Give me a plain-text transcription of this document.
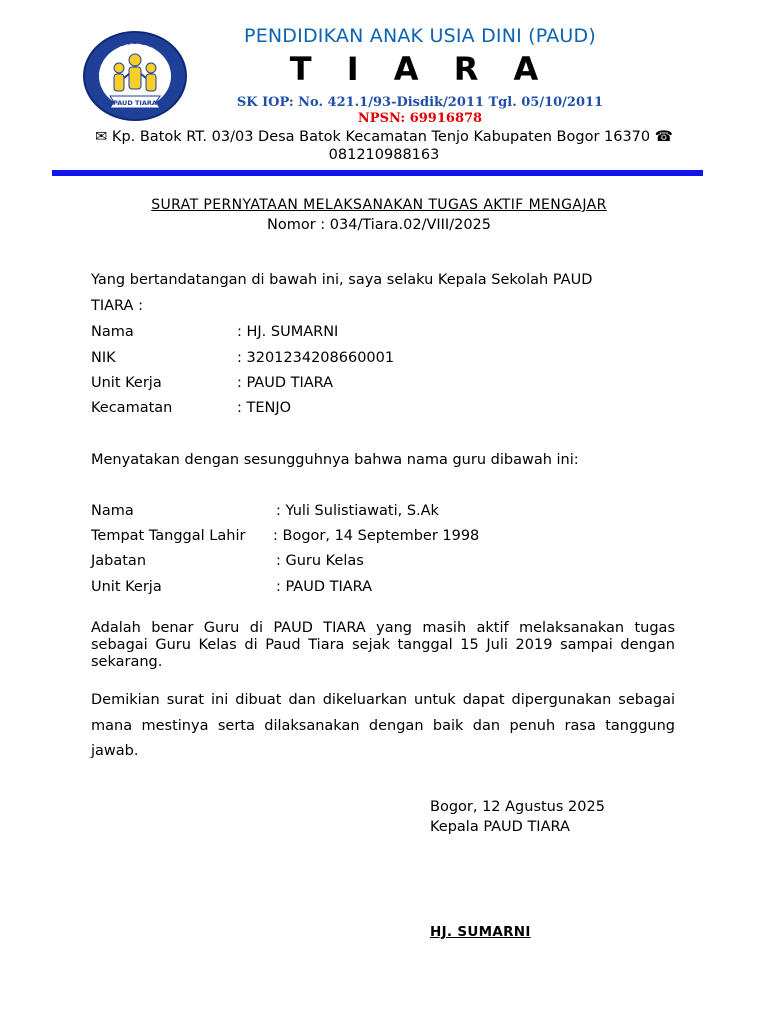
SEHAT CERDAS CERIA
PAUD TIARA
PENDIDIKAN ANAK USIA DINI (PAUD)
T I A R A
SK IOP: No. 421.1/93-Disdik/2011 Tgl. 05/10/2011
NPSN: 69916878
✉ Kp. Batok RT. 03/03 Desa Batok Kecamatan Tenjo Kabupaten Bogor 16370 ☎
081210988163
SURAT PERNYATAAN MELAKSANAKAN TUGAS AKTIF MENGAJAR
Nomor : 034/Tiara.02/VIII/2025
Yang bertandatangan di bawah ini, saya selaku Kepala Sekolah PAUD
TIARA :
Nama	: HJ. SUMARNI
NIK	: 3201234208660001
Unit Kerja	: PAUD TIARA
Kecamatan	: TENJO
Menyatakan dengan sesungguhnya bahwa nama guru dibawah ini:
Nama	: Yuli Sulistiawati, S.Ak
Tempat Tanggal Lahir : Bogor, 14 September 1998
Jabatan	: Guru Kelas
Unit Kerja	: PAUD TIARA
Adalah benar Guru di PAUD TIARA yang masih aktif melaksanakan tugas sebagai Guru Kelas di Paud Tiara sejak tanggal 15 Juli 2019 sampai dengan sekarang.
Demikian surat ini dibuat dan dikeluarkan untuk dapat dipergunakan sebagai mana mestinya serta dilaksanakan dengan baik dan penuh rasa tanggung jawab.
Bogor, 12 Agustus 2025
Kepala PAUD TIARA
HJ. SUMARNI
